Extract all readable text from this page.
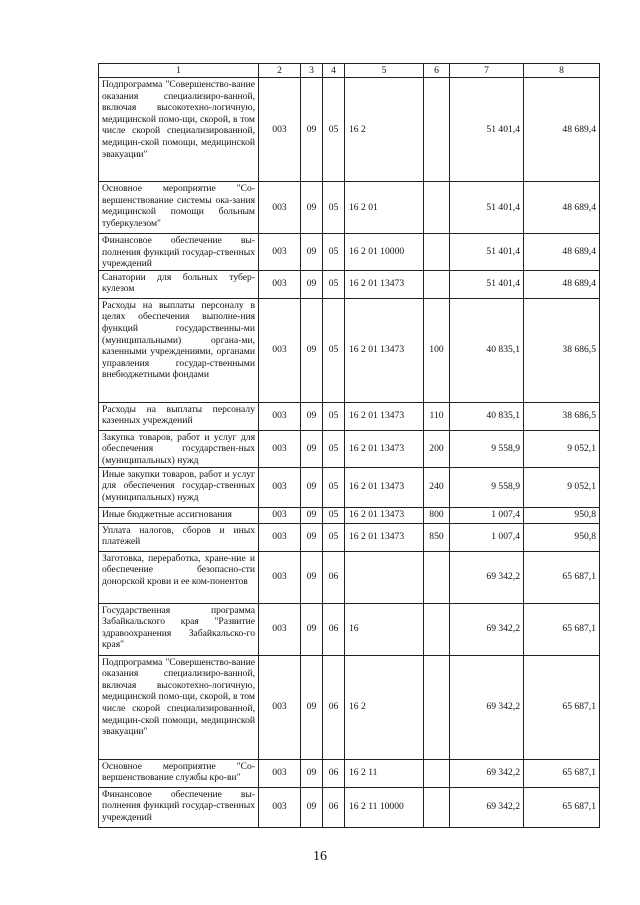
1	2	3	4	5	6	7	8
Подпрограмма "Совершенство-вание оказания специализиро-ванной, включая высокотехно-логичную, медицинской помо-щи, скорой, в том числе скорой специализированной, медицин-ской помощи, медицинской эвакуации"	003	09	05	16 2		51 401,4	48 689,4
Основное мероприятие "Со-вершенствование системы ока-зания медицинской помощи больным туберкулезом"	003	09	05	16 2 01		51 401,4	48 689,4
Финансовое обеспечение вы-полнения функций государ-ственных учреждений	003	09	05	16 2 01 10000		51 401,4	48 689,4
Санатории для больных тубер-кулезом	003	09	05	16 2 01 13473		51 401,4	48 689,4
Расходы на выплаты персоналу в целях обеспечения выполне-ния функций государственны-ми (муниципальными) органа-ми, казенными учреждениями, органами управления государ-ственными внебюджетными фондами	003	09	05	16 2 01 13473	100	40 835,1	38 686,5
Расходы на выплаты персоналу казенных учреждений	003	09	05	16 2 01 13473	110	40 835,1	38 686,5
Закупка товаров, работ и услуг для обеспечения государствен-ных (муниципальных) нужд	003	09	05	16 2 01 13473	200	9 558,9	9 052,1
Иные закупки товаров, работ и услуг для обеспечения государ-ственных (муниципальных) нужд	003	09	05	16 2 01 13473	240	9 558,9	9 052,1
Иные бюджетные ассигнования	003	09	05	16 2 01 13473	800	1 007,4	950,8
Уплата налогов, сборов и иных платежей	003	09	05	16 2 01 13473	850	1 007,4	950,8
Заготовка, переработка, хране-ние и обеспечение безопасно-сти донорской крови и ее ком-понентов	003	09	06			69 342,2	65 687,1
Государственная программа Забайкальского края "Развитие здравоохранения Забайкальско-го края"	003	09	06	16		69 342,2	65 687,1
Подпрограмма "Совершенство-вание оказания специализиро-ванной, включая высокотехно-логичную, медицинской помо-щи, скорой, в том числе скорой специализированной, медицин-ской помощи, медицинской эвакуации"	003	09	06	16 2		69 342,2	65 687,1
Основное мероприятие "Со-вершенствование службы кро-ви"	003	09	06	16 2 11		69 342,2	65 687,1
Финансовое обеспечение вы-полнения функций государ-ственных учреждений	003	09	06	16 2 11 10000		69 342,2	65 687,1
16
